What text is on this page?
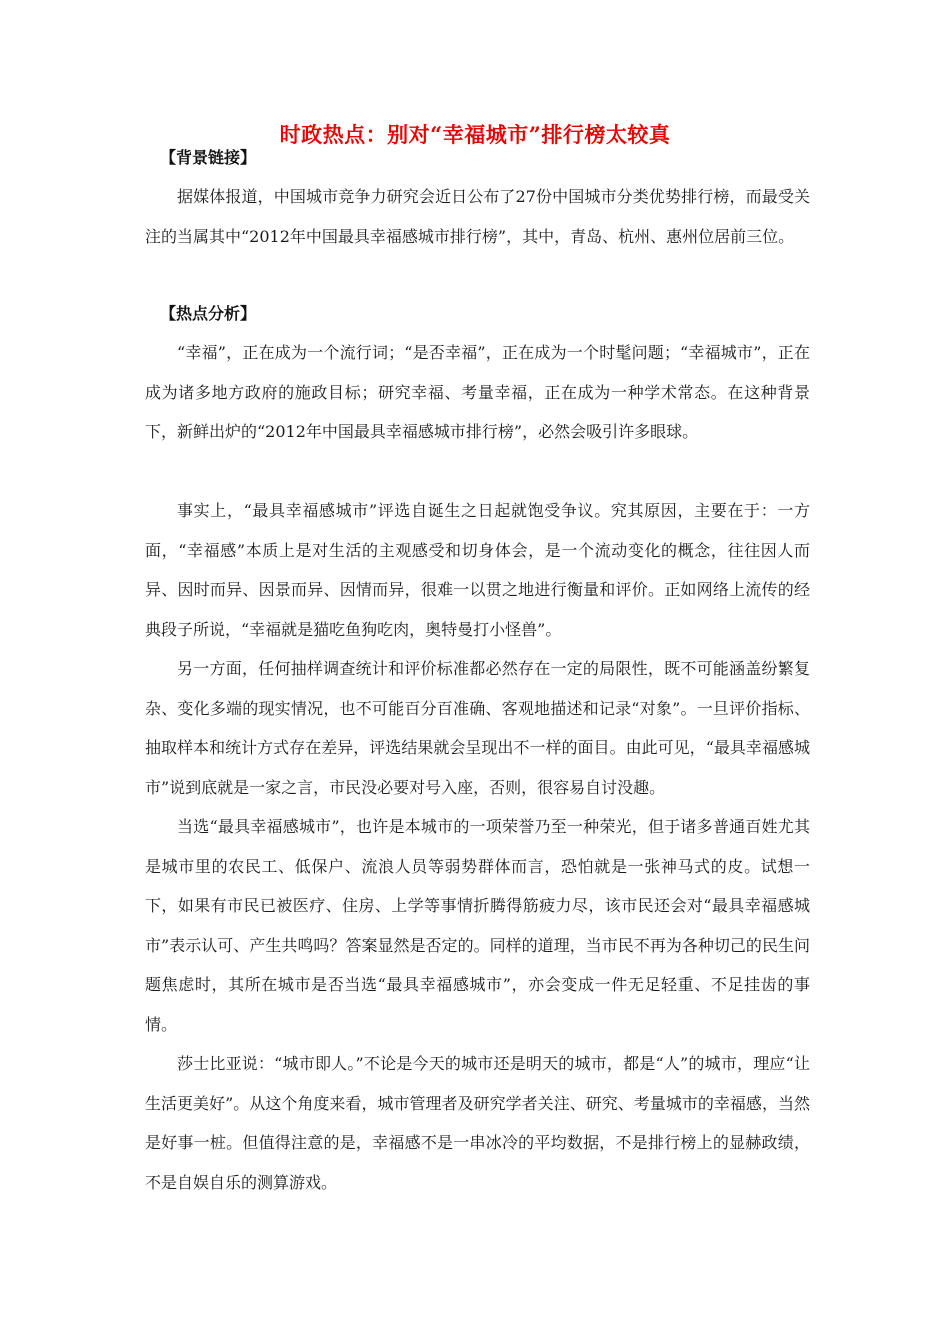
时政热点：别对“幸福城市”排行榜太较真
【背景链接】
据媒体报道，中国城市竞争力研究会近日公布了27份中国城市分类优势排行榜，而最受关注的当属其中“2012年中国最具幸福感城市排行榜”，其中，青岛、杭州、惠州位居前三位。
【热点分析】
“幸福”，正在成为一个流行词；“是否幸福”，正在成为一个时髦问题；“幸福城市”，正在成为诸多地方政府的施政目标；研究幸福、考量幸福，正在成为一种学术常态。在这种背景下，新鲜出炉的“2012年中国最具幸福感城市排行榜”，必然会吸引许多眼球。
事实上，“最具幸福感城市”评选自诞生之日起就饱受争议。究其原因，主要在于：一方面，“幸福感”本质上是对生活的主观感受和切身体会，是一个流动变化的概念，往往因人而异、因时而异、因景而异、因情而异，很难一以贯之地进行衡量和评价。正如网络上流传的经典段子所说，“幸福就是猫吃鱼狗吃肉，奥特曼打小怪兽”。
另一方面，任何抽样调查统计和评价标准都必然存在一定的局限性，既不可能涵盖纷繁复杂、变化多端的现实情况，也不可能百分百准确、客观地描述和记录“对象”。一旦评价指标、抽取样本和统计方式存在差异，评选结果就会呈现出不一样的面目。由此可见，“最具幸福感城市”说到底就是一家之言，市民没必要对号入座，否则，很容易自讨没趣。
当选“最具幸福感城市”，也许是本城市的一项荣誉乃至一种荣光，但于诸多普通百姓尤其是城市里的农民工、低保户、流浪人员等弱势群体而言，恐怕就是一张神马式的皮。试想一下，如果有市民已被医疗、住房、上学等事情折腾得筋疲力尽，该市民还会对“最具幸福感城市”表示认可、产生共鸣吗？答案显然是否定的。同样的道理，当市民不再为各种切己的民生问题焦虑时，其所在城市是否当选“最具幸福感城市”，亦会变成一件无足轻重、不足挂齿的事情。
莎士比亚说：“城市即人。”不论是今天的城市还是明天的城市，都是“人”的城市，理应“让生活更美好”。从这个角度来看，城市管理者及研究学者关注、研究、考量城市的幸福感，当然是好事一桩。但值得注意的是，幸福感不是一串冰冷的平均数据，不是排行榜上的显赫政绩，不是自娱自乐的测算游戏。
